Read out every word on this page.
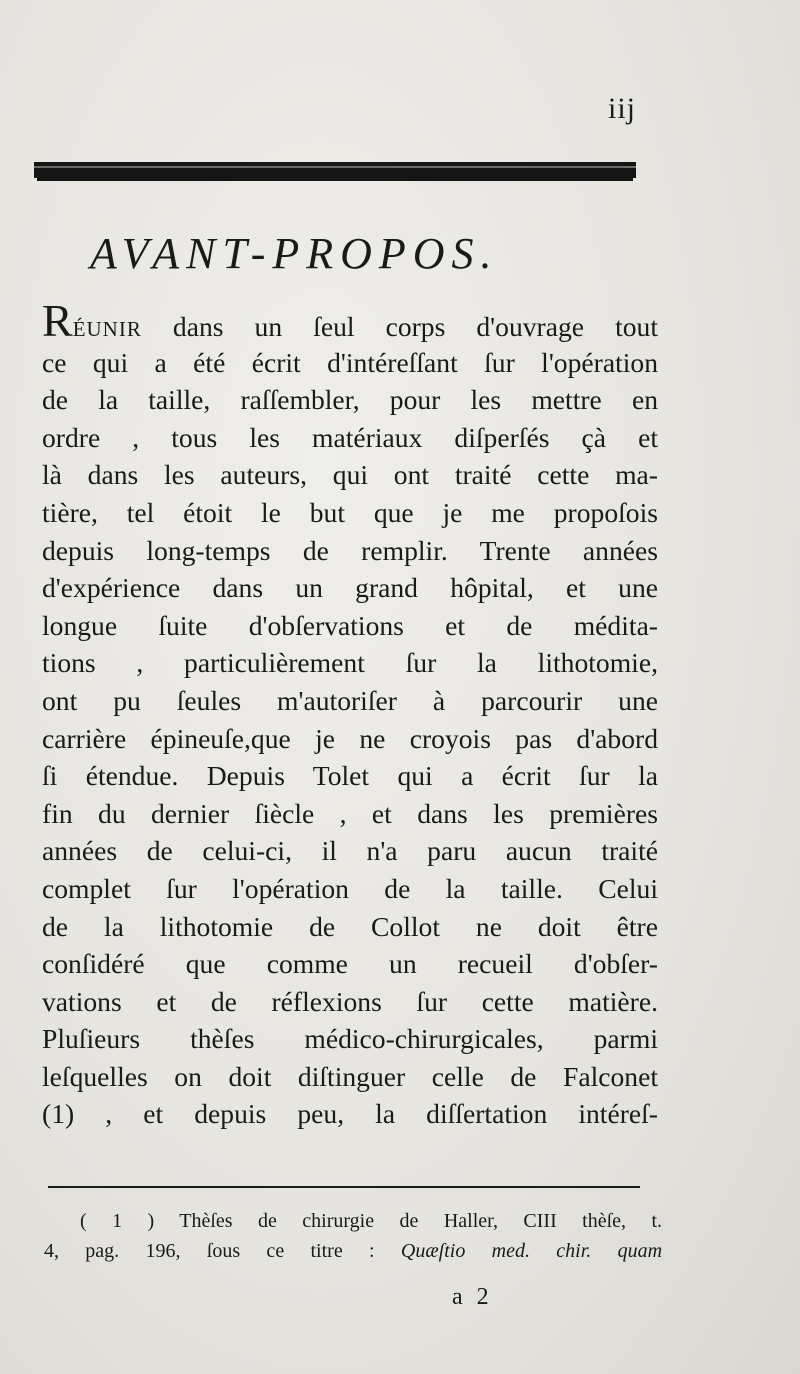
iij
AVANT-PROPOS.
RÉUNIR dans un ſeul corps d'ouvrage tout
ce qui a été écrit d'intéreſſant ſur l'opération
de la taille, raſſembler, pour les mettre en
ordre , tous les matériaux diſperſés çà et
là dans les auteurs, qui ont traité cette ma-
tière, tel étoit le but que je me propoſois
depuis long-temps de remplir. Trente années
d'expérience dans un grand hôpital, et une
longue ſuite d'obſervations et de médita-
tions , particulièrement ſur la lithotomie,
ont pu ſeules m'autoriſer à parcourir une
carrière épineuſe,que je ne croyois pas d'abord
ſi étendue. Depuis Tolet qui a écrit ſur la
fin du dernier ſiècle , et dans les premières
années de celui-ci, il n'a paru aucun traité
complet ſur l'opération de la taille. Celui
de la lithotomie de Collot ne doit être
conſidéré que comme un recueil d'obſer-
vations et de réflexions ſur cette matière.
Pluſieurs thèſes médico-chirurgicales, parmi
leſquelles on doit diſtinguer celle de Falconet
(1) , et depuis peu, la diſſertation intéreſ-
( 1 ) Thèſes de chirurgie de Haller, CIII thèſe, t.
4, pag. 196, ſous ce titre : Quæſtio med. chir. quam
a 2
